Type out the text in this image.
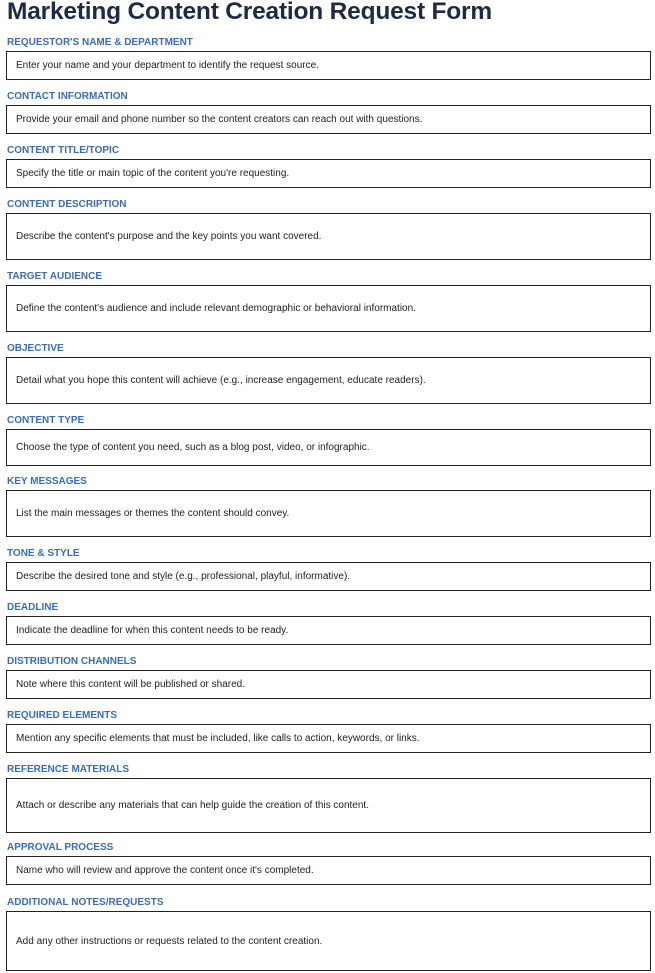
Marketing Content Creation Request Form
REQUESTOR'S NAME & DEPARTMENT
Enter your name and your department to identify the request source.
CONTACT INFORMATION
Provide your email and phone number so the content creators can reach out with questions.
CONTENT TITLE/TOPIC
Specify the title or main topic of the content you're requesting.
CONTENT DESCRIPTION
Describe the content's purpose and the key points you want covered.
TARGET AUDIENCE
Define the content's audience and include relevant demographic or behavioral information.
OBJECTIVE
Detail what you hope this content will achieve (e.g., increase engagement, educate readers).
CONTENT TYPE
Choose the type of content you need, such as a blog post, video, or infographic.
KEY MESSAGES
List the main messages or themes the content should convey.
TONE & STYLE
Describe the desired tone and style (e.g., professional, playful, informative).
DEADLINE
Indicate the deadline for when this content needs to be ready.
DISTRIBUTION CHANNELS
Note where this content will be published or shared.
REQUIRED ELEMENTS
Mention any specific elements that must be included, like calls to action, keywords, or links.
REFERENCE MATERIALS
Attach or describe any materials that can help guide the creation of this content.
APPROVAL PROCESS
Name who will review and approve the content once it's completed.
ADDITIONAL NOTES/REQUESTS
Add any other instructions or requests related to the content creation.
